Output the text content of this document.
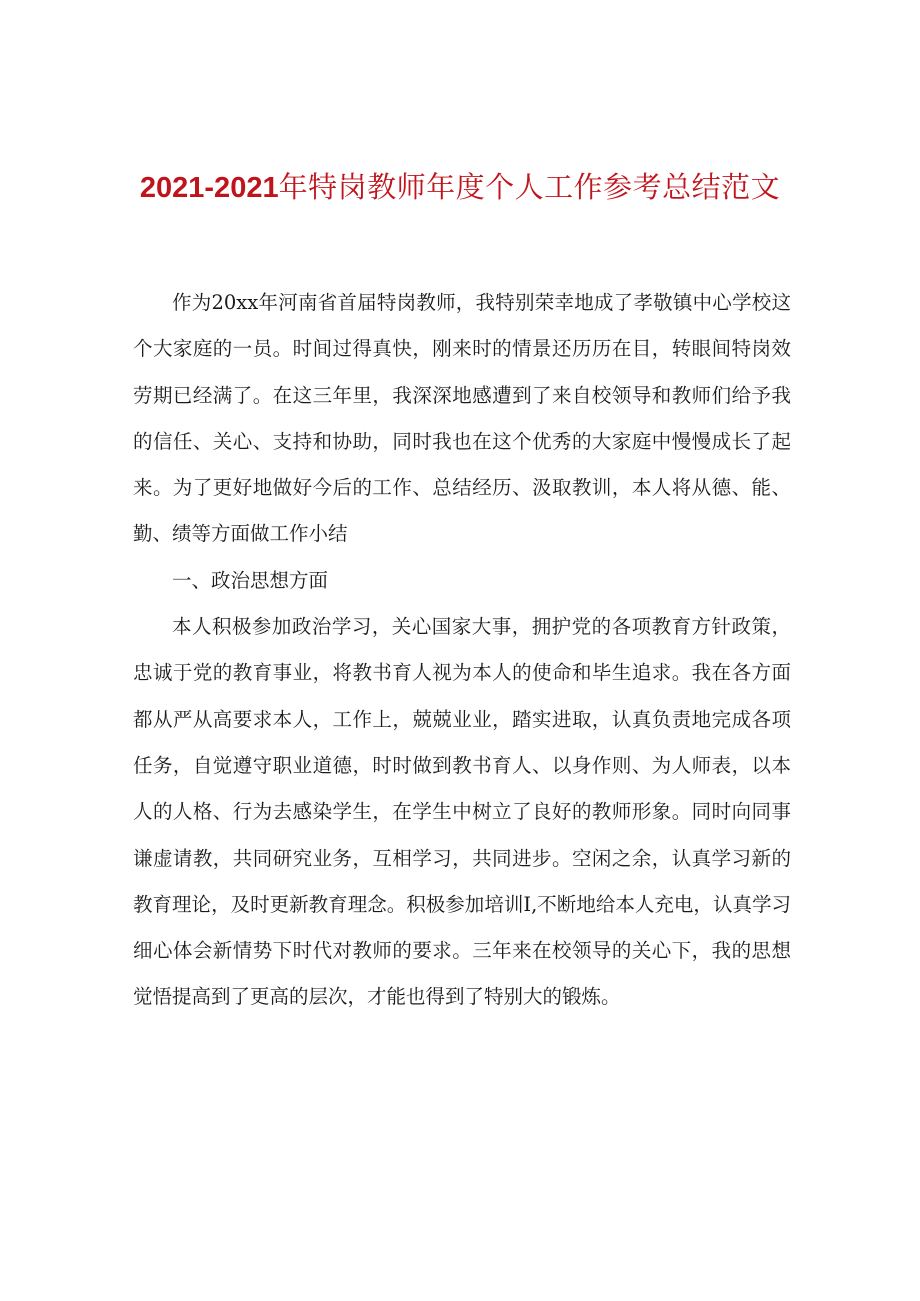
2021-2021年特岗教师年度个人工作参考总结范文

作为20xx年河南省首届特岗教师，我特别荣幸地成了孝敬镇中心学校这个大家庭的一员。时间过得真快，刚来时的情景还历历在目，转眼间特岗效劳期已经满了。在这三年里，我深深地感遭到了来自校领导和教师们给予我的信任、关心、支持和协助，同时我也在这个优秀的大家庭中慢慢成长了起来。为了更好地做好今后的工作、总结经历、汲取教训，本人将从德、能、勤、绩等方面做工作小结

一、政治思想方面

本人积极参加政治学习，关心国家大事，拥护党的各项教育方针政策，忠诚于党的教育事业，将教书育人视为本人的使命和毕生追求。我在各方面都从严从高要求本人，工作上，兢兢业业，踏实进取，认真负责地完成各项任务，自觉遵守职业道德，时时做到教书育人、以身作则、为人师表，以本人的人格、行为去感染学生，在学生中树立了良好的教师形象。同时向同事谦虚请教，共同研究业务，互相学习，共同进步。空闲之余，认真学习新的教育理论，及时更新教育理念。积极参加培训I,不断地给本人充电，认真学习细心体会新情势下时代对教师的要求。三年来在校领导的关心下，我的思想觉悟提高到了更高的层次，才能也得到了特别大的锻炼。
